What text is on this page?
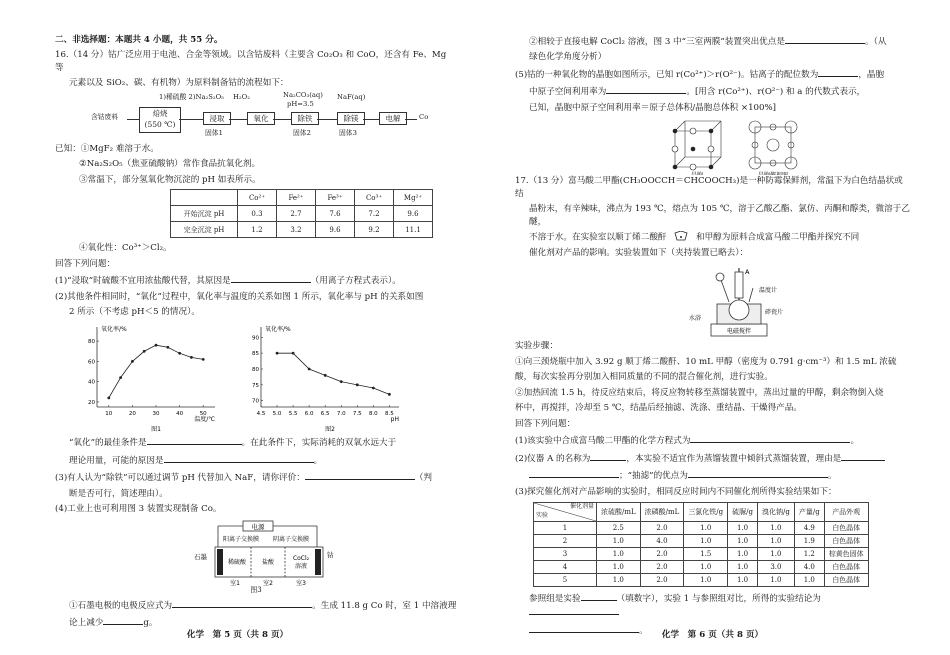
二、非选择题：本题共 4 小题，共 55 分。

16.（14 分）钴广泛应用于电池、合金等领域。以含钴废料（主要含 Co₂O₃ 和 CoO，还含有 Fe、Mg 等

元素以及 SiO₂、碳、有机物）为原料制备钴的流程如下：

含钴废料	焙烧
(550 ℃)
1)稀硫酸 2)Na₂S₂O₅
浸取
H₂O₂
氧化
Na₂CO₃(aq)
pH=3.5
除铁
NaF(aq)
除镁	电解	Co
固体1	固体2	固体3

已知：①MgF₂ 难溶于水。

②Na₂S₂O₅（焦亚硫酸钠）常作食品抗氧化剂。

③常温下，部分氢氧化物沉淀的 pH 如表所示。

	Co²⁺	Fe²⁺	Fe³⁺	Co³⁺	Mg²⁺
开始沉淀 pH	0.3	2.7	7.6	7.2	9.6
完全沉淀 pH	1.2	3.2	9.6	9.2	11.1

④氧化性：Co³⁺＞Cl₂。

回答下列问题：

(1)“浸取”时硫酸不宜用浓盐酸代替，其原因是	（用离子方程式表示）。

(2)其他条件相同时，“氧化”过程中，氧化率与温度的关系如图 1 所示，氧化率与 pH 的关系如图

2 所示（不考虑 pH＜5 的情况）。

氧化率/%
20
40
60
80
10	20	30	40	50
温度/℃
图1
氧化率/%
70
75
80
85
90
4.5 5.0 5.5 6.0 6.5 7.0 7.5 8.0 8.5
pH
图2

“氧化”的最佳条件是	。在此条件下，实际消耗的双氧水远大于

理论用量，可能的原因是	。

(3)有人认为“除铁”可以通过调节 pH 代替加入 NaF，请你评价：	（判

断是否可行，简述理由）。

(4)工业上也可利用图 3 装置实现制备 Co。

电源
阳离子交换膜 阴离子交换膜
石墨	钴
稀硫酸	盐酸
CoCl₂
溶液
室1	室2	室3

图3

①石墨电极的电极反应式为	。生成 11.8 g Co 时，室 1 中溶液理

论上减少	g。

化学　第 5 页（共 8 页）

②相较于直接电解 CoCl₂ 溶液，图 3 中“三室两膜”装置突出优点是	。（从

绿色化学角度分析）

(5)钴的一种氧化物的晶胞如图所示，已知 r(Co²⁺)＞r(O²⁻)。钴离子的配位数为	，晶胞

中原子空间利用率为	。[用含 r(Co²⁺)、r(O²⁻) 和 a 的代数式表示，

已知，晶胞中原子空间利用率＝原子总体积/晶胞总体积 ×100%]

17.（13 分）富马酸二甲酯(CH₃OOCCH＝CHCOOCH₃)是一种防霉保鲜剂，常温下为白色结晶状或结

晶粉末，有辛辣味，沸点为 193 ℃，熔点为 105 ℃，溶于乙酸乙酯、氯仿、丙酮和醇类，微溶于乙醚，

不溶于水。在实验室以顺丁烯二酸酐	和甲醇为原料合成富马酸二甲酯并探究不同

催化剂对产品的影响。实验装置如下（夹持装置已略去）：

电磁搅拌
A
温度计
碎瓷片
水浴

实验步骤：

①向三颈烧瓶中加入 3.92 g 顺丁烯二酸酐、10 mL 甲醇（密度为 0.791 g·cm⁻³）和 1.5 mL 浓硫

酸，每次实验再分别加入相同质量的不同的混合催化剂，进行实验。

②加热回流 1.5 h，待反应结束后，将反应物转移至蒸馏装置中，蒸出过量的甲醇，剩余物倒入烧

杯中，再搅拌，冷却至 5 ℃，结晶后经抽滤、洗涤、重结晶、干燥得产品。

回答下列问题：

(1)该实验中合成富马酸二甲酯的化学方程式为	。

(2)仪器 A 的名称为	，本实验不适宜作为蒸馏装置中倾斜式蒸馏装置，理由是

；“抽滤”的优点为	。

(3)探究催化剂对产品影响的实验时，相同反应时间内不同催化剂所得实验结果如下：

催化剂量
实验	浓硫酸/mL	浓磷酸/mL	三氯化铁/g	硫脲/g	溴化钠/g	产量/g	产品外观
1	2.5	2.0	1.0	1.0	1.0	4.9	白色晶体
2	1.0	4.0	1.0	1.0	1.0	1.9	白色晶体
3	1.0	2.0	1.5	1.0	1.0	1.2	棕黄色固体
4	1.0	2.0	1.0	1.0	3.0	4.0	白色晶体
5	1.0	2.0	1.0	1.0	1.0	1.0	白色晶体

参照组是实验	（填数字），实验 1 与参照组对比，所得的实验结论为

。	化学　第 6 页（共 8 页）
